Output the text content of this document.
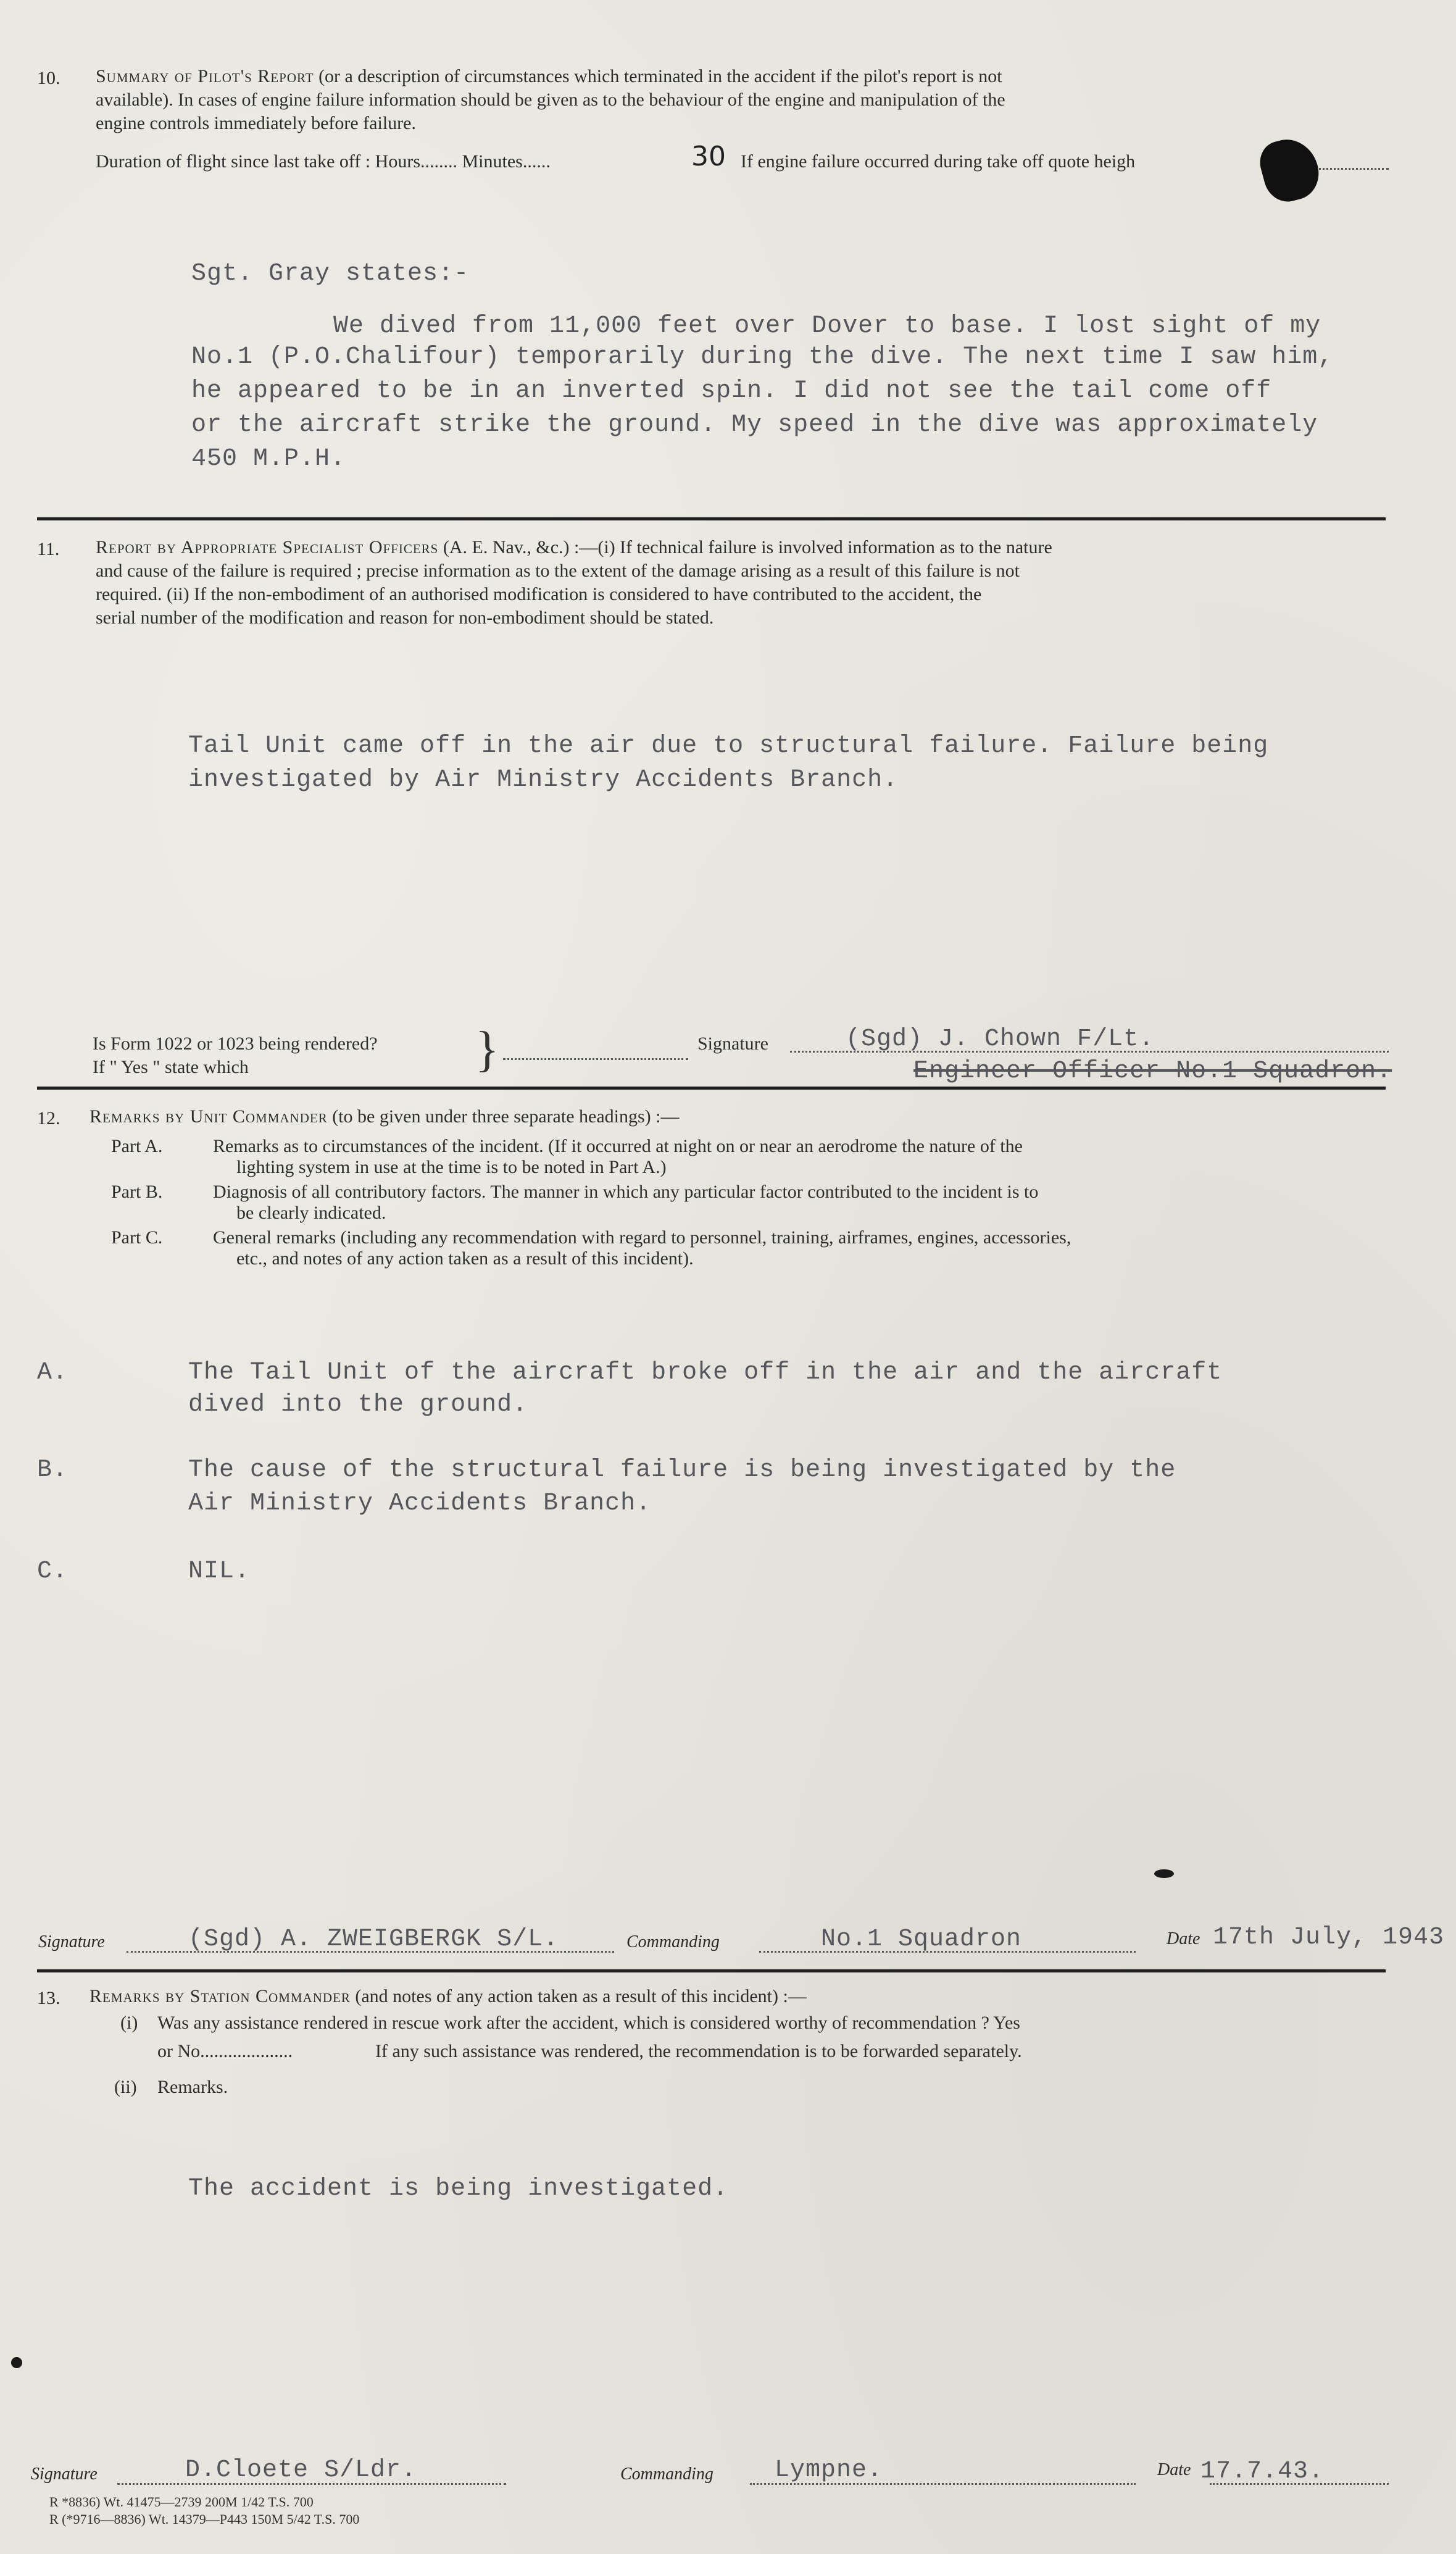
10. Summary of Pilot's Report (or a description of circumstances which terminated in the accident if the pilot's report is not
available). In cases of engine failure information should be given as to the behaviour of the engine and manipulation of the
engine controls immediately before failure.
Duration of flight since last take off : Hours........ Minutes......	30 If engine failure occurred during take off quote heigh
Sgt. Gray states:-
We dived from 11,000 feet over Dover to base. I lost sight of my
No.1 (P.O.Chalifour) temporarily during the dive. The next time I saw him,
he appeared to be in an inverted spin. I did not see the tail come off
or the aircraft strike the ground. My speed in the dive was approximately
450 M.P.H.
11. Report by Appropriate Specialist Officers (A. E. Nav., &c.) :—(i) If technical failure is involved information as to the nature
and cause of the failure is required ; precise information as to the extent of the damage arising as a result of this failure is not
required. (ii) If the non-embodiment of an authorised modification is considered to have contributed to the accident, the
serial number of the modification and reason for non-embodiment should be stated.
Tail Unit came off in the air due to structural failure. Failure being
investigated by Air Ministry Accidents Branch.
Is Form 1022 or 1023 being rendered?
If " Yes " state which	}	Signature	(Sgd) J. Chown F/Lt.
Engineer Officer No.1 Squadron.
12. Remarks by Unit Commander (to be given under three separate headings) :—
Part A.	Remarks as to circumstances of the incident. (If it occurred at night on or near an aerodrome the nature of the
lighting system in use at the time is to be noted in Part A.)
Part B.	Diagnosis of all contributory factors. The manner in which any particular factor contributed to the incident is to
be clearly indicated.
Part C.	General remarks (including any recommendation with regard to personnel, training, airframes, engines, accessories,
etc., and notes of any action taken as a result of this incident).
A.	The Tail Unit of the aircraft broke off in the air and the aircraft
dived into the ground.
B.	The cause of the structural failure is being investigated by the
Air Ministry Accidents Branch.
C.	NIL.
Signature	(Sgd) A. ZWEIGBERGK S/L.	Commanding	No.1 Squadron	Date 17th July, 1943
13. Remarks by Station Commander (and notes of any action taken as a result of this incident) :—
(i) Was any assistance rendered in rescue work after the accident, which is considered worthy of recommendation ? Yes
or No....................	If any such assistance was rendered, the recommendation is to be forwarded separately.
(ii) Remarks.
The accident is being investigated.
Signature	D.Cloete S/Ldr.	Commanding Lympne.	Date 17.7.43.
R *8836) Wt. 41475—2739 200M 1/42 T.S. 700
R (*9716—8836) Wt. 14379—P443 150M 5/42 T.S. 700
